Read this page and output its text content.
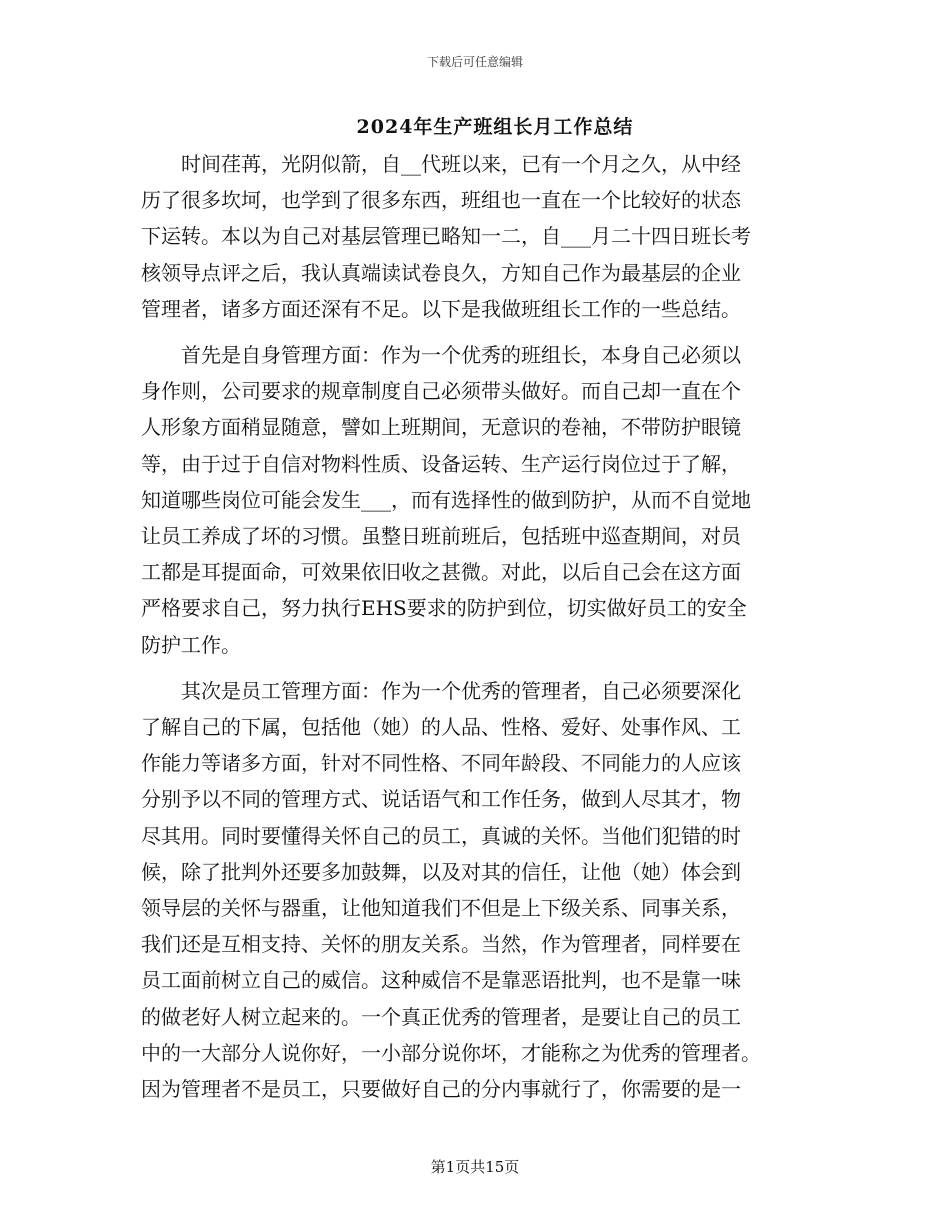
下载后可任意编辑
2024年生产班组长月工作总结

　　时间荏苒，光阴似箭，自__代班以来，已有一个月之久，从中经

历了很多坎坷，也学到了很多东西，班组也一直在一个比较好的状态

下运转。本以为自己对基层管理已略知一二，自___月二十四日班长考

核领导点评之后，我认真端读试卷良久，方知自己作为最基层的企业

管理者，诸多方面还深有不足。以下是我做班组长工作的一些总结。

　　首先是自身管理方面：作为一个优秀的班组长，本身自己必须以

身作则，公司要求的规章制度自己必须带头做好。而自己却一直在个

人形象方面稍显随意，譬如上班期间，无意识的卷袖，不带防护眼镜

等，由于过于自信对物料性质、设备运转、生产运行岗位过于了解，

知道哪些岗位可能会发生___，而有选择性的做到防护，从而不自觉地

让员工养成了坏的习惯。虽整日班前班后，包括班中巡查期间，对员

工都是耳提面命，可效果依旧收之甚微。对此，以后自己会在这方面

严格要求自己，努力执行EHS要求的防护到位，切实做好员工的安全

防护工作。

　　其次是员工管理方面：作为一个优秀的管理者，自己必须要深化

了解自己的下属，包括他（她）的人品、性格、爱好、处事作风、工

作能力等诸多方面，针对不同性格、不同年龄段、不同能力的人应该

分别予以不同的管理方式、说话语气和工作任务，做到人尽其才，物

尽其用。同时要懂得关怀自己的员工，真诚的关怀。当他们犯错的时

候，除了批判外还要多加鼓舞，以及对其的信任，让他（她）体会到

领导层的关怀与器重，让他知道我们不但是上下级关系、同事关系，

我们还是互相支持、关怀的朋友关系。当然，作为管理者，同样要在

员工面前树立自己的威信。这种威信不是靠恶语批判，也不是靠一味

的做老好人树立起来的。一个真正优秀的管理者，是要让自己的员工

中的一大部分人说你好，一小部分说你坏，才能称之为优秀的管理者。

因为管理者不是员工，只要做好自己的分内事就行了，你需要的是一

第1页共15页
